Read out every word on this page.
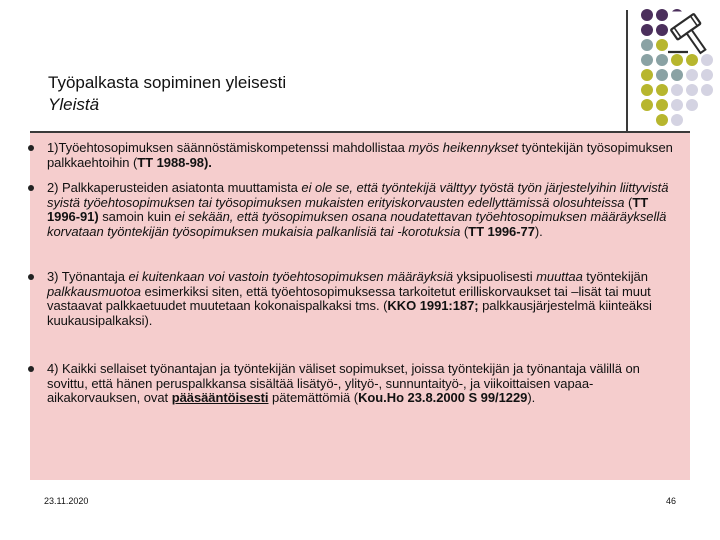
Työpalkasta sopiminen yleisesti
Yleistä

1)Työehtosopimuksen säännöstämiskompetenssi mahdollistaa myös heikennykset työntekijän työsopimuksen palkkaehtoihin (TT 1988-98).

2) Palkkaperusteiden asiatonta muuttamista ei ole se, että työntekijä välttyy työstä työn järjestelyihin liittyvistä syistä työehtosopimuksen tai työsopimuksen mukaisten erityiskorvausten edellyttämissä olosuhteissa (TT 1996-91) samoin kuin ei sekään, että työsopimuksen osana noudatettavan työehtosopimuksen määräyksellä korvataan työntekijän työsopimuksen mukaisia palkanlisiä tai -korotuksia (TT 1996-77).

3) Työnantaja ei kuitenkaan voi vastoin työehtosopimuksen määräyksiä yksipuolisesti muuttaa työntekijän palkkausmuotoa esimerkiksi siten, että työehtosopimuksessa tarkoitetut erilliskorvaukset tai –lisät tai muut vastaavat palkkaetuudet muutetaan kokonaispalkaksi tms. (KKO 1991:187; palkkausjärjestelmä kiinteäksi kuukausipalkaksi).

4) Kaikki sellaiset työnantajan ja työntekijän väliset sopimukset, joissa työntekijän ja työnantaja välillä on sovittu, että hänen peruspalkkansa sisältää lisätyö-, ylityö-, sunnuntaityö-, ja viikoittaisen vapaa-aikakorvauksen, ovat pääsääntöisesti pätemättömiä (Kou.Ho 23.8.2000 S 99/1229).

23.11.2020	46
